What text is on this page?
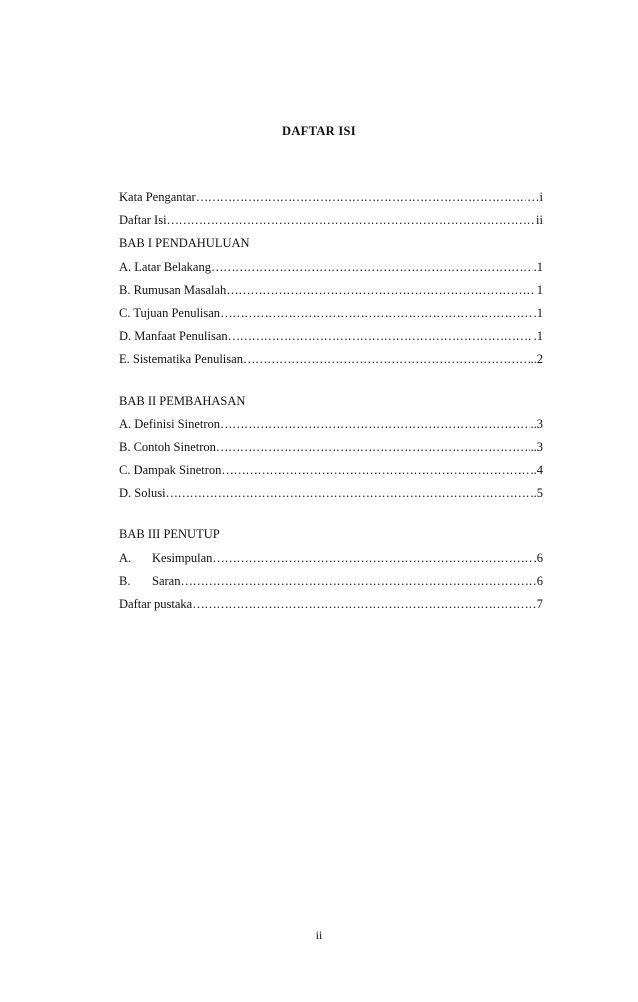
DAFTAR ISI
Kata Pengantar ……………………………………………………………………………………………………………………………………	…i
Daftar Isi ……………………………………………………………………………………………………………………………………	ii
BAB I PENDAHULUAN
A. Latar Belakang ……………………………………………………………………………………………………………………………………	.1
B. Rumusan Masalah ……………………………………………………………………………………………………………………………………	1
C. Tujuan Penulisan ……………………………………………………………………………………………………………………………………	.1
D. Manfaat Penulisan ……………………………………………………………………………………………………………………………………	.1
E. Sistematika Penulisan ……………………………………………………………………………………………………………………………………	..2
BAB II PEMBAHASAN
A. Definisi Sinetron ……………………………………………………………………………………………………………………………………	..3
B. Contoh Sinetron ……………………………………………………………………………………………………………………………………	..3
C. Dampak Sinetron ……………………………………………………………………………………………………………………………………	..4
D. Solusi ……………………………………………………………………………………………………………………………………	..5
BAB III PENUTUP
A. Kesimpulan ……………………………………………………………………………………………………………………………………	.6
B. Saran ……………………………………………………………………………………………………………………………………	6
Daftar pustaka ……………………………………………………………………………………………………………………………………	7
ii
